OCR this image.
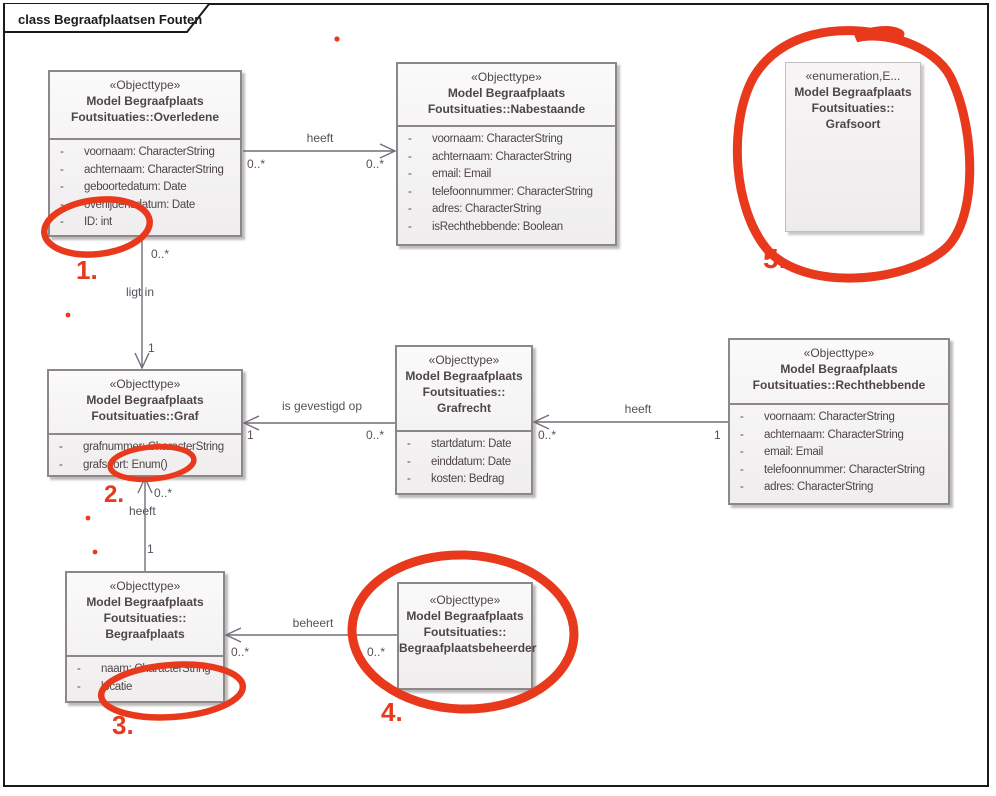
class Begraafplaatsen Fouten
«Objecttype»
Model Begraafplaats
Foutsituaties::Overledene
-	voornaam: CharacterString
-	achternaam: CharacterString
-	geboortedatum: Date
-	overlijdensdatum: Date
-	ID: int
«Objecttype»
Model Begraafplaats
Foutsituaties::Nabestaande
-	voornaam: CharacterString
-	achternaam: CharacterString
-	email: Email
-	telefoonnummer: CharacterString
-	adres: CharacterString
-	isRechthebbende: Boolean
«enumeration,E...
Model Begraafplaats
Foutsituaties::
Grafsoort
«Objecttype»
Model Begraafplaats
Foutsituaties::Graf
-	grafnummer: CharacterString
-	grafsoort: Enum()
«Objecttype»
Model Begraafplaats
Foutsituaties::
Grafrecht
-	startdatum: Date
-	einddatum: Date
-	kosten: Bedrag
«Objecttype»
Model Begraafplaats
Foutsituaties::Rechthebbende
-	voornaam: CharacterString
-	achternaam: CharacterString
-	email: Email
-	telefoonnummer: CharacterString
-	adres: CharacterString
«Objecttype»
Model Begraafplaats
Foutsituaties::
Begraafplaats
-	naam: CharacterString
-	locatie
«Objecttype»
Model Begraafplaats
Foutsituaties::
Begraafplaatsbeheerder
heeft
0..*	0..*
0..*
ligt in
1
is gevestigd op
1	0..*
heeft
0..*	1
0..*
heeft
1
beheert
0..*	0..*
1.
2.
3.	4.
5.
